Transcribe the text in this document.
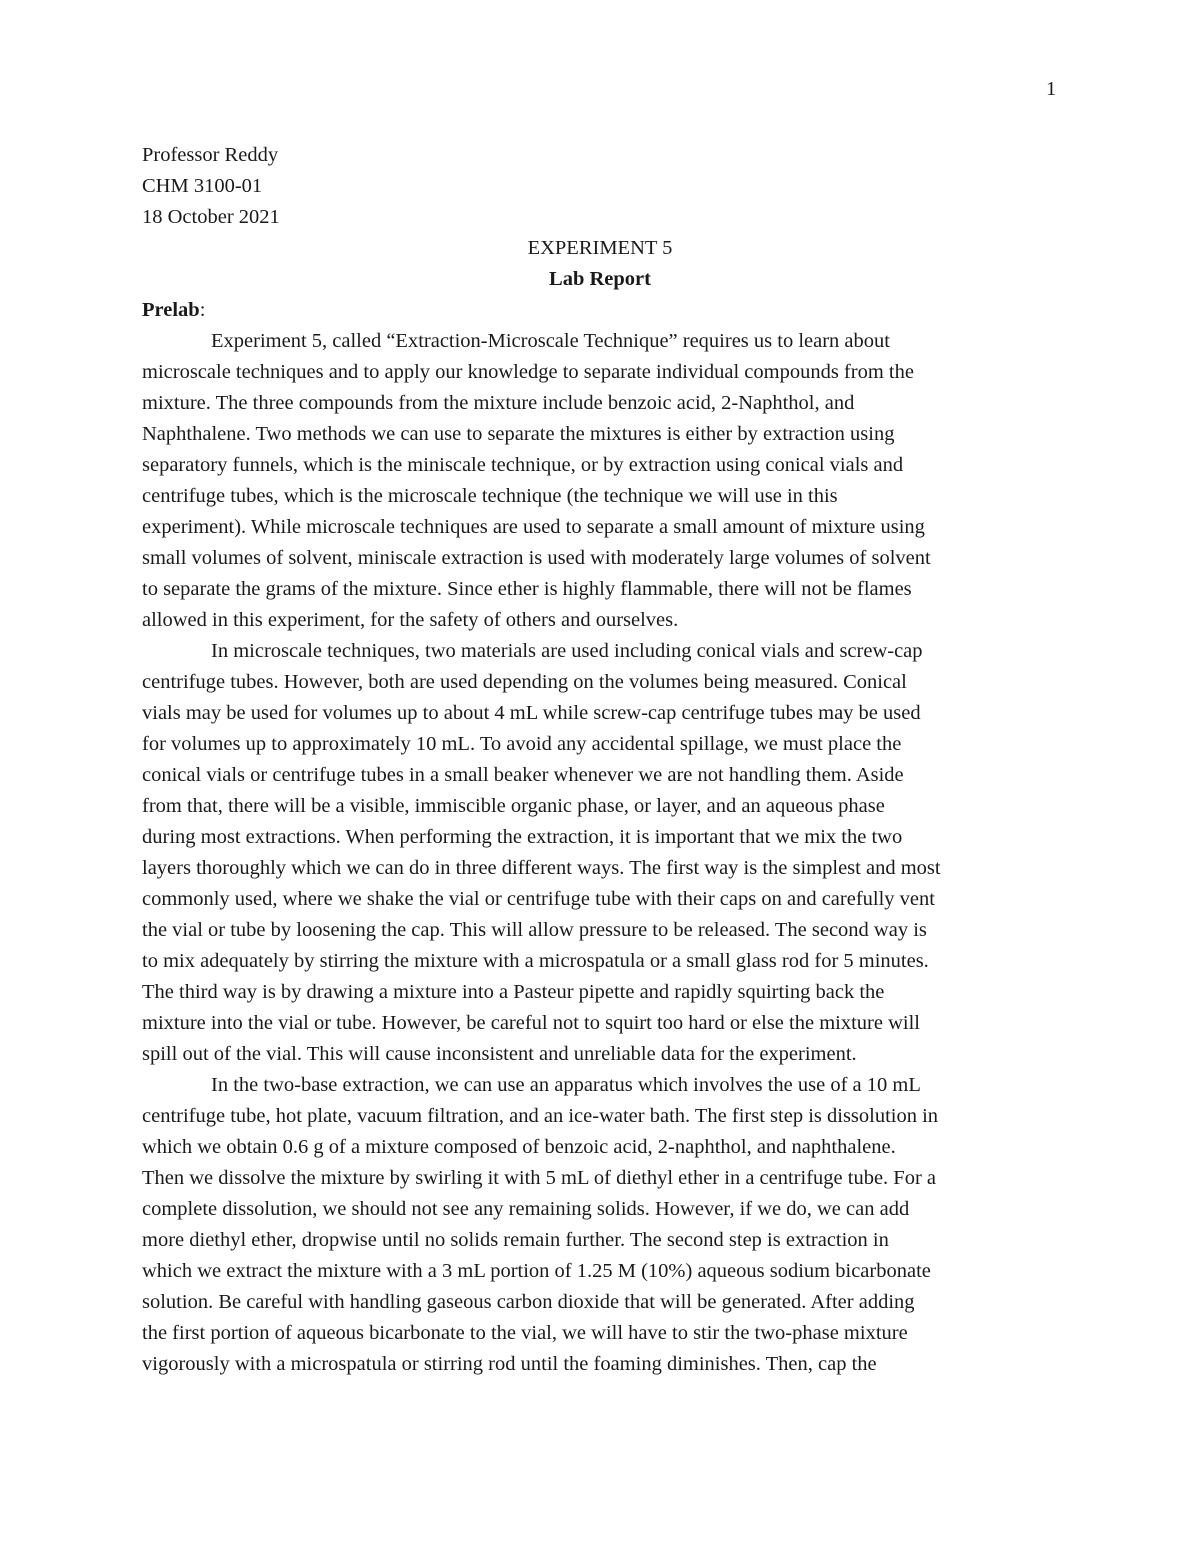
1
Professor Reddy
CHM 3100-01
18 October 2021
EXPERIMENT 5
Lab Report
Prelab:
Experiment 5, called “Extraction-Microscale Technique” requires us to learn about
microscale techniques and to apply our knowledge to separate individual compounds from the
mixture. The three compounds from the mixture include benzoic acid, 2-Naphthol, and
Naphthalene. Two methods we can use to separate the mixtures is either by extraction using
separatory funnels, which is the miniscale technique, or by extraction using conical vials and
centrifuge tubes, which is the microscale technique (the technique we will use in this
experiment). While microscale techniques are used to separate a small amount of mixture using
small volumes of solvent, miniscale extraction is used with moderately large volumes of solvent
to separate the grams of the mixture. Since ether is highly flammable, there will not be flames
allowed in this experiment, for the safety of others and ourselves.
In microscale techniques, two materials are used including conical vials and screw-cap
centrifuge tubes. However, both are used depending on the volumes being measured. Conical
vials may be used for volumes up to about 4 mL while screw-cap centrifuge tubes may be used
for volumes up to approximately 10 mL. To avoid any accidental spillage, we must place the
conical vials or centrifuge tubes in a small beaker whenever we are not handling them. Aside
from that, there will be a visible, immiscible organic phase, or layer, and an aqueous phase
during most extractions. When performing the extraction, it is important that we mix the two
layers thoroughly which we can do in three different ways. The first way is the simplest and most
commonly used, where we shake the vial or centrifuge tube with their caps on and carefully vent
the vial or tube by loosening the cap. This will allow pressure to be released. The second way is
to mix adequately by stirring the mixture with a microspatula or a small glass rod for 5 minutes.
The third way is by drawing a mixture into a Pasteur pipette and rapidly squirting back the
mixture into the vial or tube. However, be careful not to squirt too hard or else the mixture will
spill out of the vial. This will cause inconsistent and unreliable data for the experiment.
In the two-base extraction, we can use an apparatus which involves the use of a 10 mL
centrifuge tube, hot plate, vacuum filtration, and an ice-water bath. The first step is dissolution in
which we obtain 0.6 g of a mixture composed of benzoic acid, 2-naphthol, and naphthalene.
Then we dissolve the mixture by swirling it with 5 mL of diethyl ether in a centrifuge tube. For a
complete dissolution, we should not see any remaining solids. However, if we do, we can add
more diethyl ether, dropwise until no solids remain further. The second step is extraction in
which we extract the mixture with a 3 mL portion of 1.25 M (10%) aqueous sodium bicarbonate
solution. Be careful with handling gaseous carbon dioxide that will be generated. After adding
the first portion of aqueous bicarbonate to the vial, we will have to stir the two-phase mixture
vigorously with a microspatula or stirring rod until the foaming diminishes. Then, cap the
